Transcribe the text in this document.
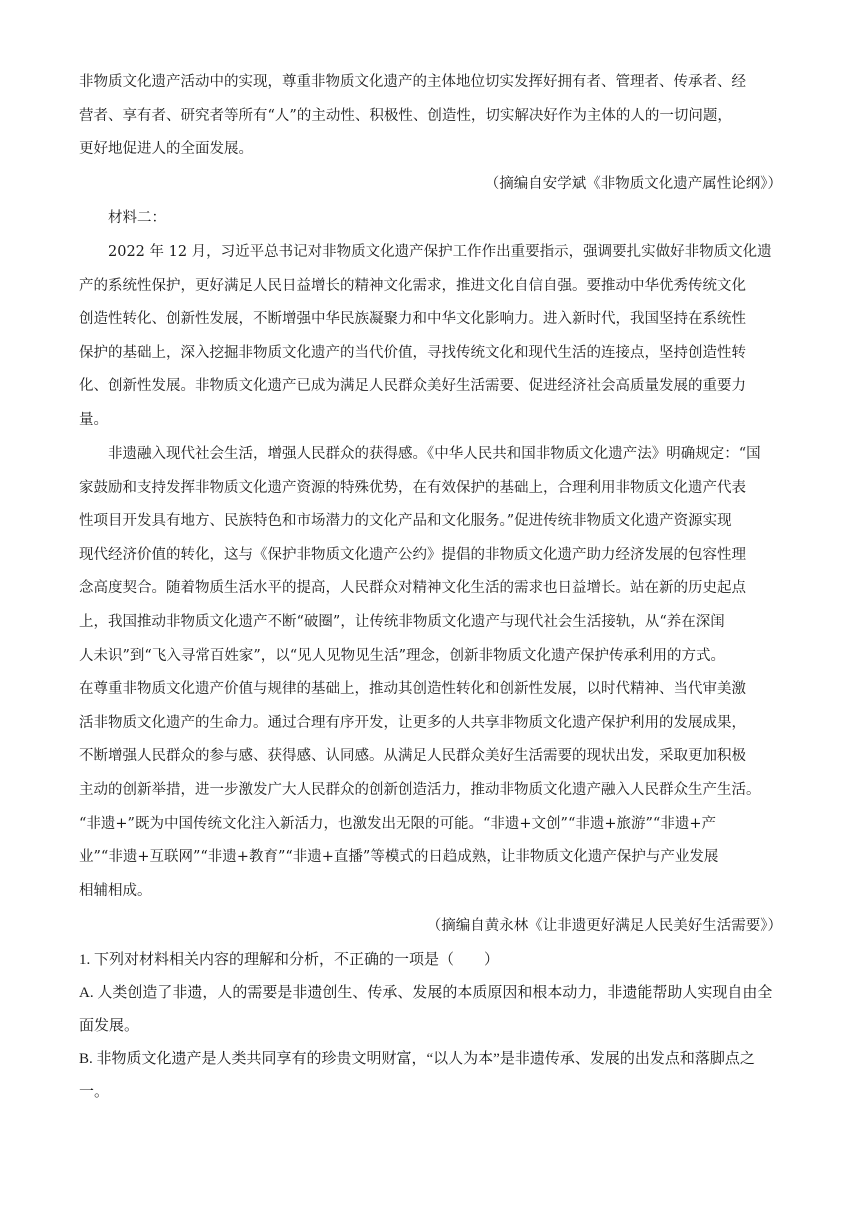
非物质文化遗产活动中的实现，尊重非物质文化遗产的主体地位切实发挥好拥有者、管理者、传承者、经

营者、享有者、研究者等所有“人”的主动性、积极性、创造性，切实解决好作为主体的人的一切问题，

更好地促进人的全面发展。

（摘编自安学斌《非物质文化遗产属性论纲》）
材料二：

　　2022 年 12 月，习近平总书记对非物质文化遗产保护工作作出重要指示，强调要扎实做好非物质文化遗

产的系统性保护，更好满足人民日益增长的精神文化需求，推进文化自信自强。要推动中华优秀传统文化

创造性转化、创新性发展，不断增强中华民族凝聚力和中华文化影响力。进入新时代，我国坚持在系统性

保护的基础上，深入挖掘非物质文化遗产的当代价值，寻找传统文化和现代生活的连接点，坚持创造性转

化、创新性发展。非物质文化遗产已成为满足人民群众美好生活需要、促进经济社会高质量发展的重要力

量。

　　非遗融入现代社会生活，增强人民群众的获得感。《中华人民共和国非物质文化遗产法》明确规定：“国

家鼓励和支持发挥非物质文化遗产资源的特殊优势，在有效保护的基础上，合理利用非物质文化遗产代表

性项目开发具有地方、民族特色和市场潜力的文化产品和文化服务。”促进传统非物质文化遗产资源实现

现代经济价值的转化，这与《保护非物质文化遗产公约》提倡的非物质文化遗产助力经济发展的包容性理

念高度契合。随着物质生活水平的提高，人民群众对精神文化生活的需求也日益增长。站在新的历史起点

上，我国推动非物质文化遗产不断“破圈”，让传统非物质文化遗产与现代社会生活接轨，从“养在深闺

人未识”到“飞入寻常百姓家”，以“见人见物见生活”理念，创新非物质文化遗产保护传承利用的方式。

在尊重非物质文化遗产价值与规律的基础上，推动其创造性转化和创新性发展，以时代精神、当代审美激

活非物质文化遗产的生命力。通过合理有序开发，让更多的人共享非物质文化遗产保护利用的发展成果，

不断增强人民群众的参与感、获得感、认同感。从满足人民群众美好生活需要的现状出发，采取更加积极

主动的创新举措，进一步激发广大人民群众的创新创造活力，推动非物质文化遗产融入人民群众生产生活。

“非遗+”既为中国传统文化注入新活力，也激发出无限的可能。“非遗+文创”“非遗+旅游”“非遗+产

业”“非遗+互联网”“非遗+教育”“非遗+直播”等模式的日趋成熟，让非物质文化遗产保护与产业发展

相辅相成。

（摘编自黄永林《让非遗更好满足人民美好生活需要》）

1. 下列对材料相关内容的理解和分析，不正确的一项是（　　）

A. 人类创造了非遗，人的需要是非遗创生、传承、发展的本质原因和根本动力，非遗能帮助人实现自由全

面发展。

B. 非物质文化遗产是人类共同享有的珍贵文明财富，“以人为本”是非遗传承、发展的出发点和落脚点之

一。
